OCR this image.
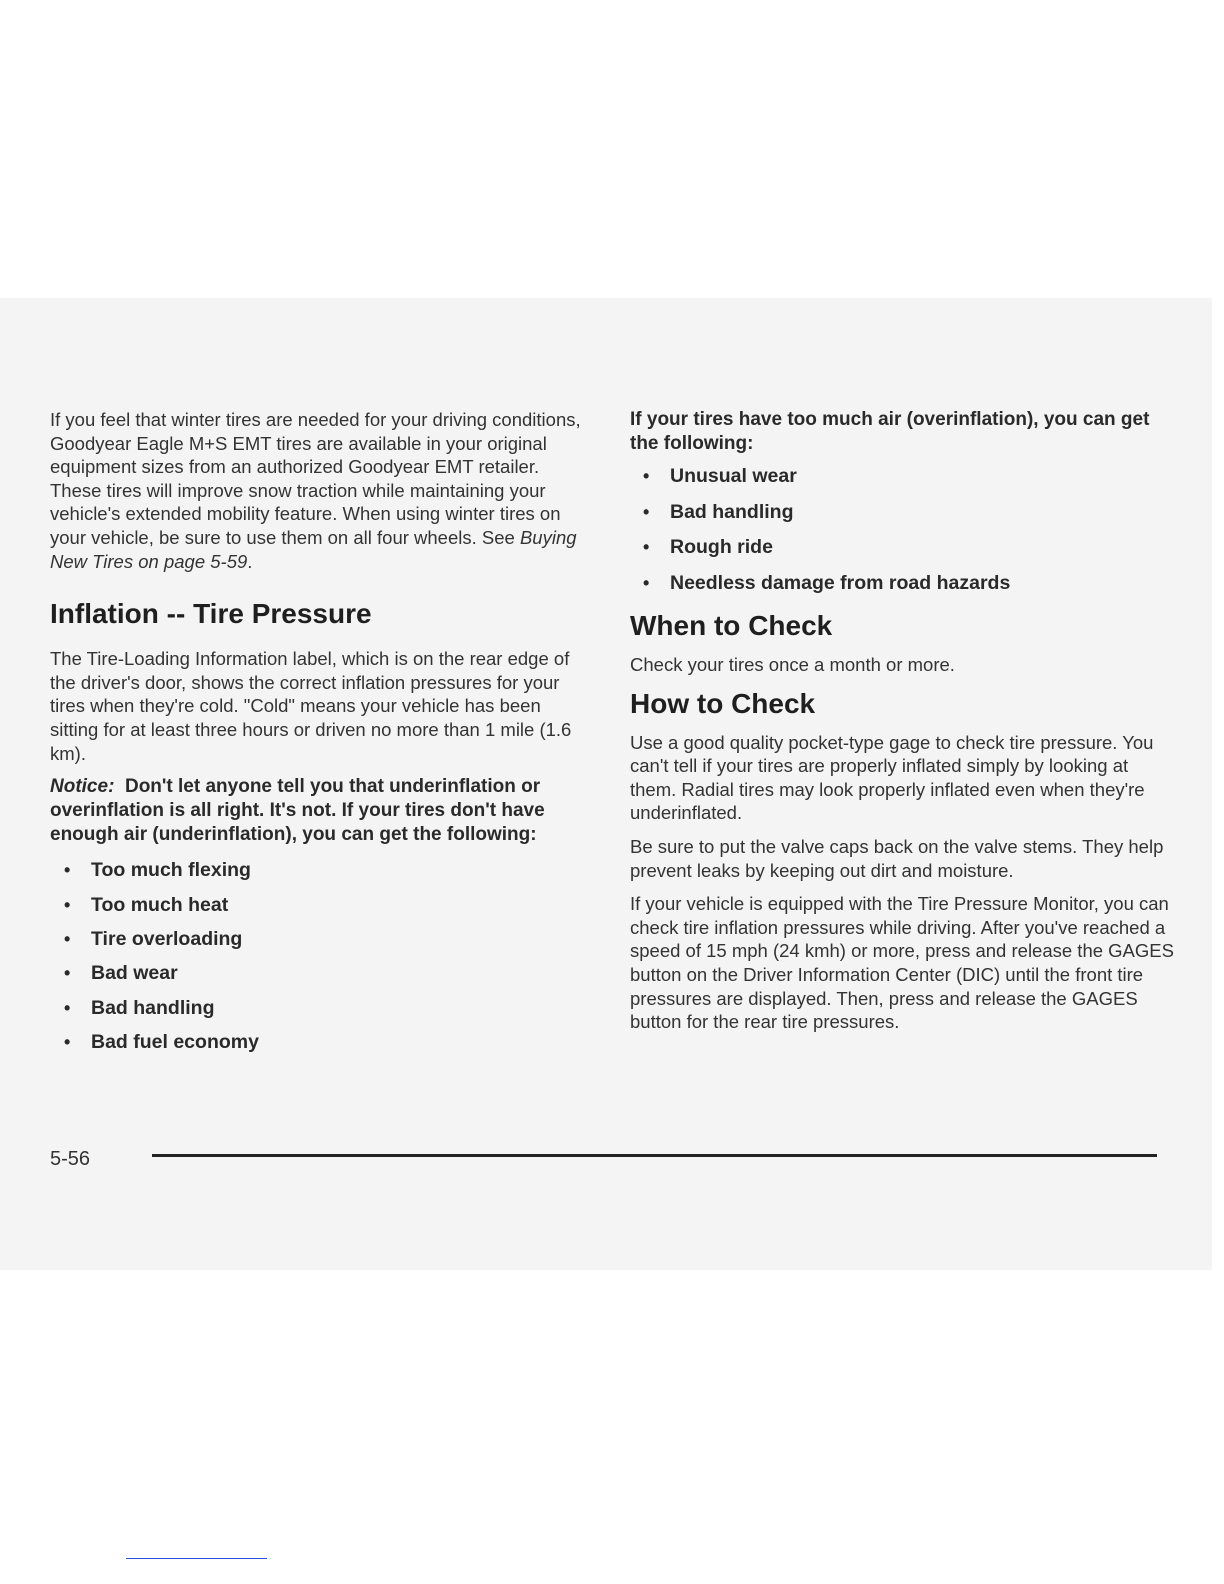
If you feel that winter tires are needed for your driving conditions, Goodyear Eagle M+S EMT tires are available in your original equipment sizes from an authorized Goodyear EMT retailer. These tires will improve snow traction while maintaining your vehicle's extended mobility feature. When using winter tires on your vehicle, be sure to use them on all four wheels. See Buying New Tires on page 5-59.

Inflation -- Tire Pressure

The Tire-Loading Information label, which is on the rear edge of the driver's door, shows the correct inflation pressures for your tires when they're cold. "Cold" means your vehicle has been sitting for at least three hours or driven no more than 1 mile (1.6 km).

Notice: Don't let anyone tell you that underinflation or overinflation is all right. It's not. If your tires don't have enough air (underinflation), you can get the following:

• Too much flexing
• Too much heat
• Tire overloading
• Bad wear
• Bad handling
• Bad fuel economy

If your tires have too much air (overinflation), you can get the following:

• Unusual wear
• Bad handling
• Rough ride
• Needless damage from road hazards
When to Check

Check your tires once a month or more.

How to Check

Use a good quality pocket-type gage to check tire pressure. You can't tell if your tires are properly inflated simply by looking at them. Radial tires may look properly inflated even when they're underinflated.

Be sure to put the valve caps back on the valve stems. They help prevent leaks by keeping out dirt and moisture.

If your vehicle is equipped with the Tire Pressure Monitor, you can check tire inflation pressures while driving. After you've reached a speed of 15 mph (24 kmh) or more, press and release the GAGES button on the Driver Information Center (DIC) until the front tire pressures are displayed. Then, press and release the GAGES button for the rear tire pressures.

5-56
